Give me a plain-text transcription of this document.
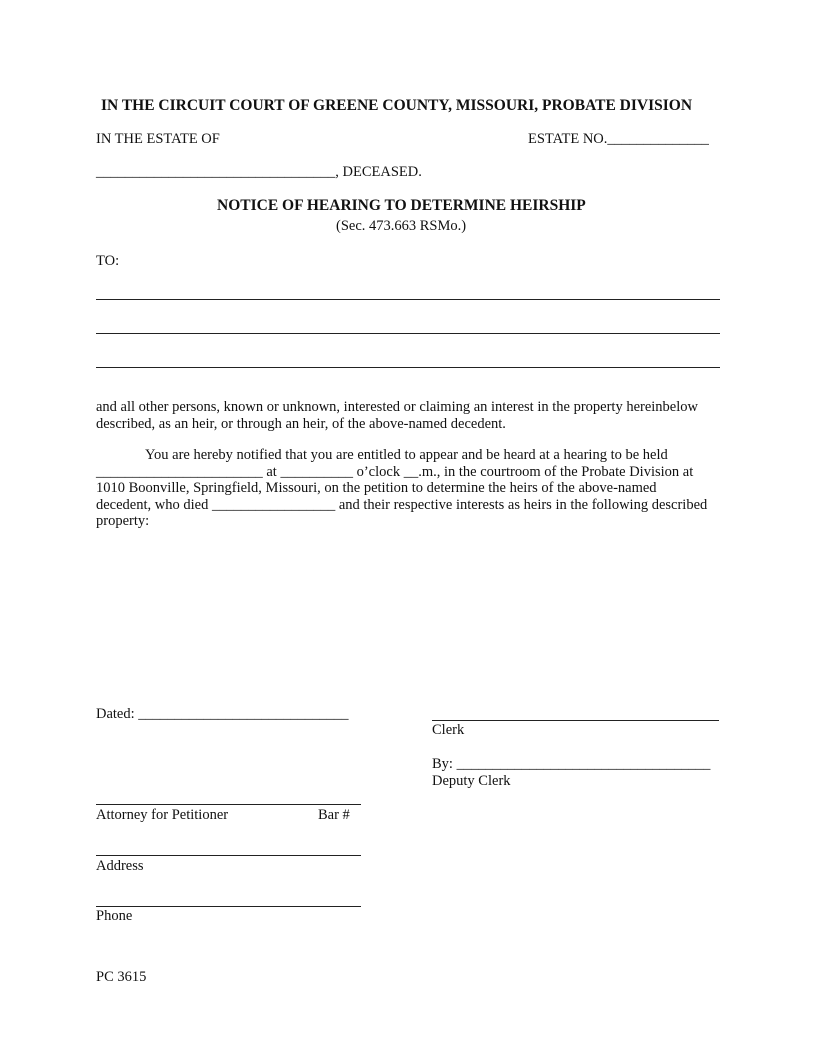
IN THE CIRCUIT COURT OF GREENE COUNTY, MISSOURI, PROBATE DIVISION
IN THE ESTATE OF	ESTATE NO.______________
_________________________________, DECEASED.
NOTICE OF HEARING TO DETERMINE HEIRSHIP
(Sec. 473.663 RSMo.)
TO:
and all other persons, known or unknown, interested or claiming an interest in the property hereinbelow
described, as an heir, or through an heir, of the above-named decedent.
You are hereby notified that you are entitled to appear and be heard at a hearing to be held
_______________________ at __________ o’clock __.m., in the courtroom of the Probate Division at
1010 Boonville, Springfield, Missouri, on the petition to determine the heirs of the above-named
decedent, who died _________________ and their respective interests as heirs in the following described
property:
Dated: _____________________________
Clerk
By: ___________________________________
Deputy Clerk
Attorney for Petitioner	Bar #
Address
Phone
PC 3615
